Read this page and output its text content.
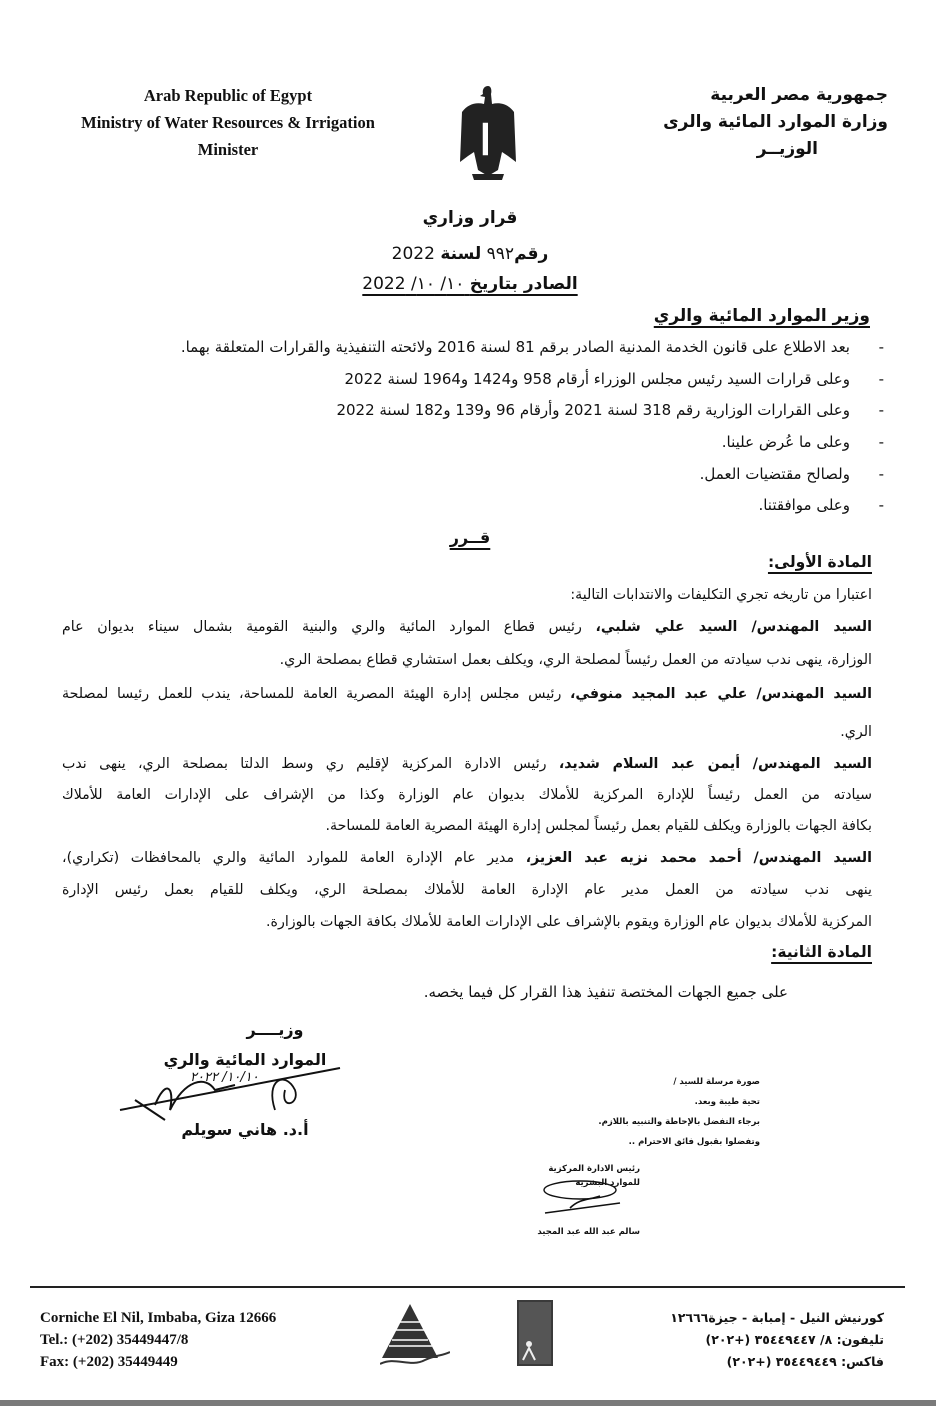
Arab Republic of Egypt
Ministry of Water Resources & Irrigation
Minister
جمهورية مصر العربية
وزارة الموارد المائية والرى
الوزيــر
قرار وزاري
رقم٩٩٢ لسنة 2022
الصادر بتاريخ ١٠/ ١٠/ 2022
وزير الموارد المائية والري
-
بعد الاطلاع على قانون الخدمة المدنية الصادر برقم 81 لسنة 2016 ولائحته التنفيذية والقرارات المتعلقة بهما.
-
وعلى قرارات السيد رئيس مجلس الوزراء أرقام 958 و1424 و1964 لسنة 2022
-
وعلى القرارات الوزارية رقم 318 لسنة 2021 وأرقام 96 و139 و182 لسنة 2022
-
وعلى ما عُرض علينا.
-
ولصالح مقتضيات العمل.
-
وعلى موافقتنا.
قــرر
المادة الأولى:
اعتبارا من تاريخه تجري التكليفات والانتدابات التالية:
السيد المهندس/ السيد علي شلبي، رئيس قطاع الموارد المائية والري والبنية القومية بشمال سيناء بديوان عام
الوزارة، ينهى ندب سيادته من العمل رئيساً لمصلحة الري، ويكلف بعمل استشاري قطاع بمصلحة الري.
السيد المهندس/ علي عبد المجيد منوفي، رئيس مجلس إدارة الهيئة المصرية العامة للمساحة، يندب للعمل رئيسا لمصلحة
الري.
السيد المهندس/ أيمن عبد السلام شديد، رئيس الادارة المركزية لإقليم ري وسط الدلتا بمصلحة الري، ينهى ندب
سيادته من العمل رئيساً للإدارة المركزية للأملاك بديوان عام الوزارة وكذا من الإشراف على الإدارات العامة للأملاك
بكافة الجهات بالوزارة ويكلف للقيام بعمل رئيساً لمجلس إدارة الهيئة المصرية العامة للمساحة.
السيد المهندس/ أحمد محمد نزيه عبد العزيز، مدير عام الإدارة العامة للموارد المائية والري بالمحافظات (تكراري)،
ينهى ندب سيادته من العمل مدير عام الإدارة العامة للأملاك بمصلحة الري، ويكلف للقيام بعمل رئيس الإدارة
المركزية للأملاك بديوان عام الوزارة ويقوم بالإشراف على الإدارات العامة للأملاك بكافة الجهات بالوزارة.
المادة الثانية:
على جميع الجهات المختصة تنفيذ هذا القرار كل فيما يخصه.
وزيــــر
الموارد المائية والري
١٠/١٠/ ٢٠٢٢
أ.د. هاني سويلم
صورة مرسلة للسيد /
تحية طيبة وبعد.
برجاء التفضل بالإحاطة والتنبيه باللازم.
وتفضلوا بقبول فائق الاحترام ..
رئيس الادارة المركزية
للموارد البشرية
سالم عبد الله عبد المجيد
Corniche El Nil, Imbaba, Giza 12666
Tel.: (+202) 35449447/8
Fax: (+202) 35449449
كورنيش النيل - إمبابة - جيزة١٢٦٦٦
تليفون: ٨/ ٣٥٤٤٩٤٤٧ (+٢٠٢)
فاكس: ٣٥٤٤٩٤٤٩ (+٢٠٢)
